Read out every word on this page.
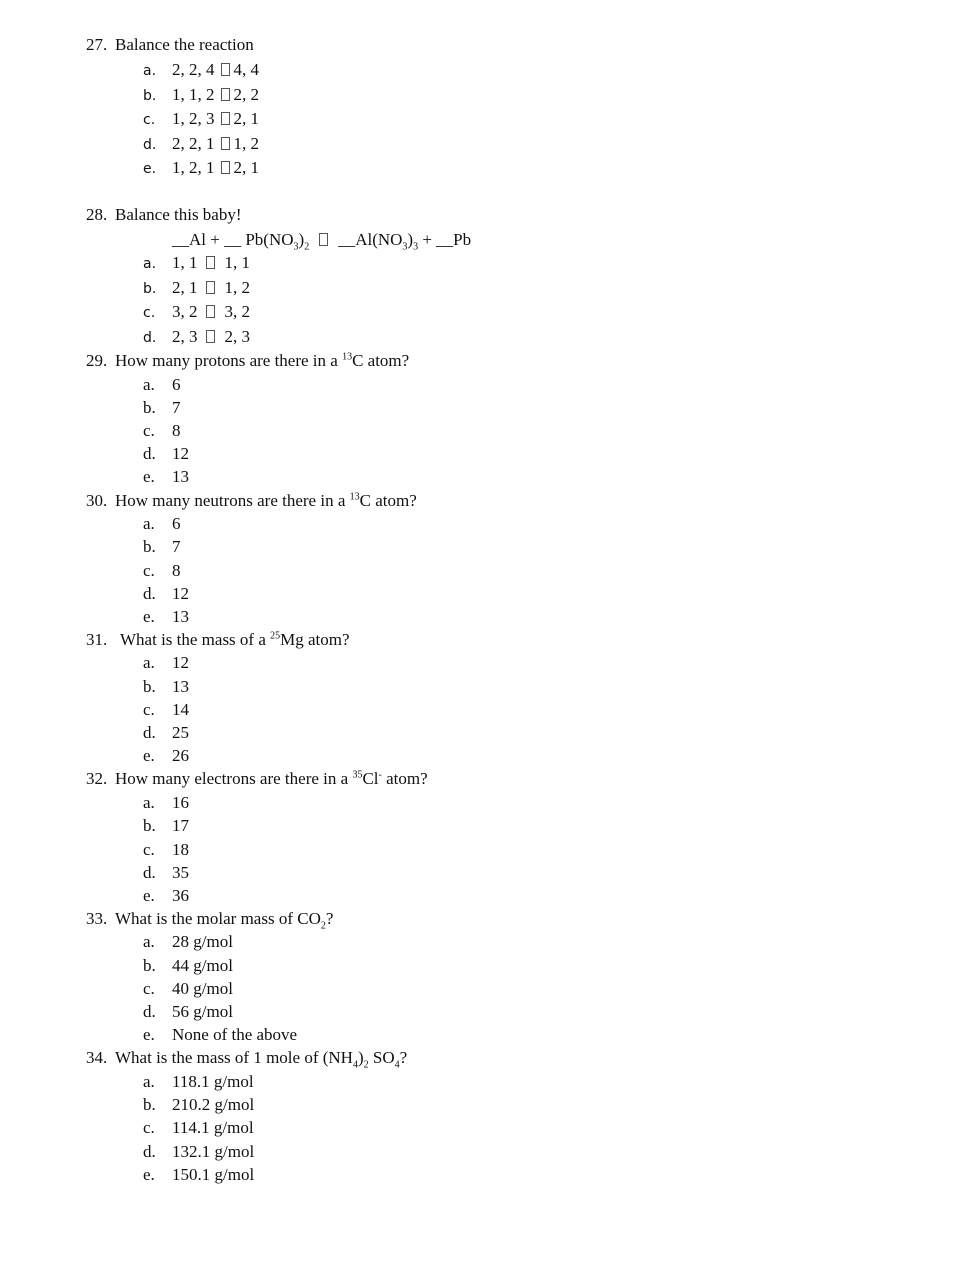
27. Balance the reaction
a. 2, 2, 4 4, 4
b. 1, 1, 2 2, 2
c. 1, 2, 3 2, 1
d. 2, 2, 1 1, 2
e. 1, 2, 1 2, 1
28. Balance this baby!
__Al + __ $Pb(NO_3)_2$ $\_\_Al(NO_3)_3$ + __Pb
a. 1, 1 1, 1
b. 2, 1 1, 2
c. 3, 2 3, 2
d. 2, 3 2, 3
29. How many protons are there in a $^{13}$C atom?
a. 6
b. 7
c. 8
d. 12
e. 13
30. How many neutrons are there in a $^{13}$C atom?
a. 6
b. 7
c. 8
d. 12
e. 13
31. What is the mass of a $^{25}$Mg atom?
a. 12
b. 13
c. 14
d. 25
e. 26
32. How many electrons are there in a $^{35}$Cl- atom?
a. 16
b. 17
c. 18
d. 35
e. 36
33. What is the molar mass of $CO_2$?
a. 28 g/mol
b. 44 g/mol
c. 40 g/mol
d. 56 g/mol
e. None of the above
34. What is the mass of 1 mole of $(NH_4)_2$ $SO_4$?
a. 118.1 g/mol
b. 210.2 g/mol
c. 114.1 g/mol
d. 132.1 g/mol
e. 150.1 g/mol
